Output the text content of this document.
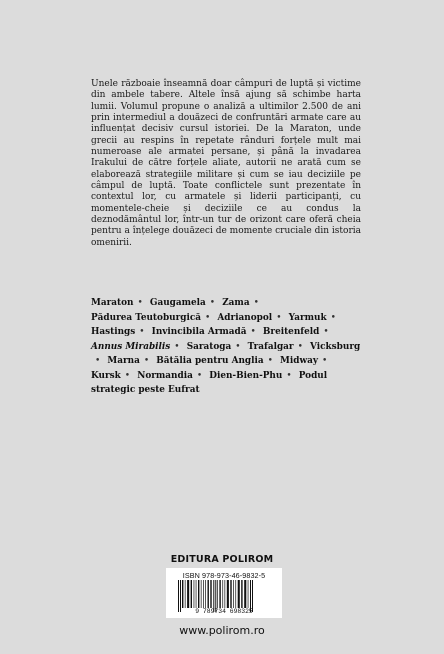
Unele războaie înseamnă doar câmpuri de luptă și victime din ambele tabere. Altele însă ajung să schimbe harta lumii. Volumul propune o analiză a ultimilor 2.500 de ani prin intermediul a douăzeci de confruntări armate care au influențat decisiv cursul istoriei. De la Maraton, unde grecii au respins în repetate rânduri forțele mult mai numeroase ale armatei persane, și până la invadarea Irakului de către forțele aliate, autorii ne arată cum se elaborează strategiile militare și cum se iau deciziile pe câmpul de luptă. Toate conflictele sunt prezentate în contextul lor, cu armatele și liderii participanți, cu momentele-cheie și deciziile ce au condus la deznodământul lor, într-un tur de orizont care oferă cheia pentru a înțelege douăzeci de momente cruciale din istoria omenirii.

Maraton • Gaugamela • Zama • Pădurea Teutoburgică • Adrianopol • Yarmuk • Hastings • Invincibila Armadă • Breitenfeld • Annus Mirabilis • Saratoga • Trafalgar • Vicksburg• Marna • Bătălia pentru Anglia • Midway • Kursk • Normandia • Dien-Bien-Phu • Podul strategic peste Eufrat
EDITURA POLIROM
ISBN 978-973-46-9832-5
9 789734 698325
www.polirom.ro
